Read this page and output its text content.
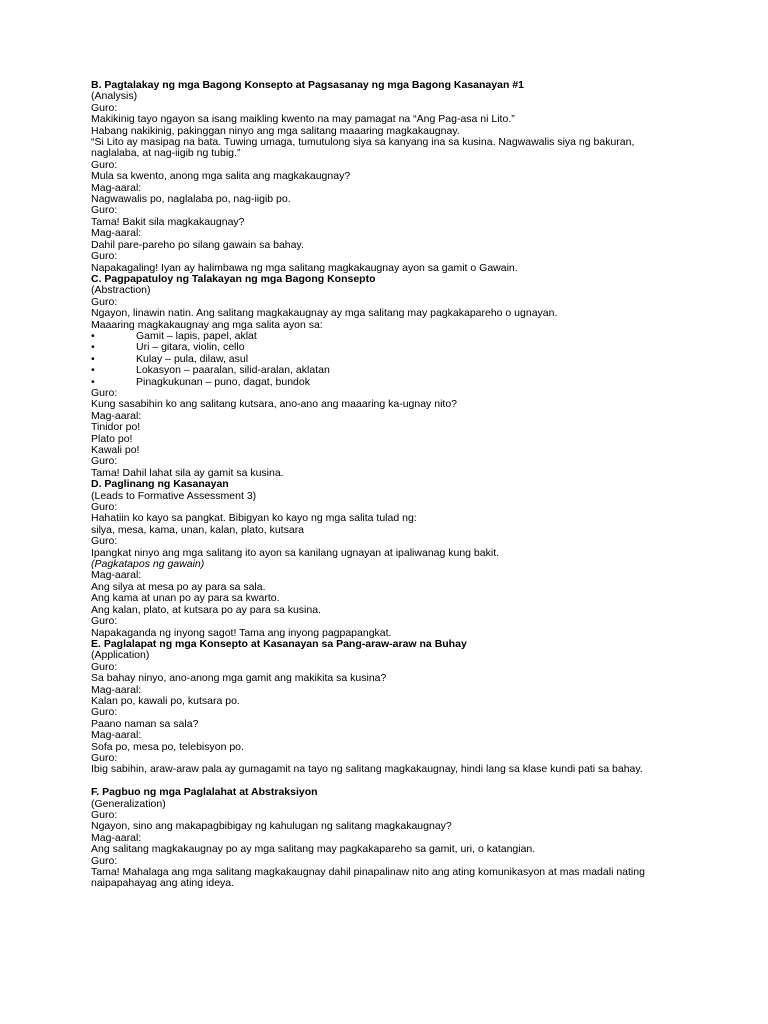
B. Pagtalakay ng mga Bagong Konsepto at Pagsasanay ng mga Bagong Kasanayan #1
(Analysis)
Guro:
Makikinig tayo ngayon sa isang maikling kwento na may pamagat na “Ang Pag-asa ni Lito.”
Habang nakikinig, pakinggan ninyo ang mga salitang maaaring magkakaugnay.
“Si Lito ay masipag na bata. Tuwing umaga, tumutulong siya sa kanyang ina sa kusina. Nagwawalis siya ng bakuran, naglalaba, at nag-iigib ng tubig.”
Guro:
Mula sa kwento, anong mga salita ang magkakaugnay?
Mag-aaral:
Nagwawalis po, naglalaba po, nag-iigib po.
Guro:
Tama! Bakit sila magkakaugnay?
Mag-aaral:
Dahil pare-pareho po silang gawain sa bahay.
Guro:
Napakagaling! Iyan ay halimbawa ng mga salitang magkakaugnay ayon sa gamit o Gawain.
C. Pagpapatuloy ng Talakayan ng mga Bagong Konsepto
(Abstraction)
Guro:
Ngayon, linawin natin. Ang salitang magkakaugnay ay mga salitang may pagkakapareho o ugnayan.
Maaaring magkakaugnay ang mga salita ayon sa:
•	Gamit – lapis, papel, aklat
•	Uri – gitara, violin, cello
•	Kulay – pula, dilaw, asul
•	Lokasyon – paaralan, silid-aralan, aklatan
•	Pinagkukunan – puno, dagat, bundok
Guro:
Kung sasabihin ko ang salitang kutsara, ano-ano ang maaaring ka-ugnay nito?
Mag-aaral:
Tinidor po!
Plato po!
Kawali po!
Guro:
Tama! Dahil lahat sila ay gamit sa kusina.
D. Paglinang ng Kasanayan
(Leads to Formative Assessment 3)
Guro:
Hahatiin ko kayo sa pangkat. Bibigyan ko kayo ng mga salita tulad ng:
silya, mesa, kama, unan, kalan, plato, kutsara
Guro:
Ipangkat ninyo ang mga salitang ito ayon sa kanilang ugnayan at ipaliwanag kung bakit.
(Pagkatapos ng gawain)
Mag-aaral:
Ang silya at mesa po ay para sa sala.
Ang kama at unan po ay para sa kwarto.
Ang kalan, plato, at kutsara po ay para sa kusina.
Guro:
Napakaganda ng inyong sagot! Tama ang inyong pagpapangkat.
E. Paglalapat ng mga Konsepto at Kasanayan sa Pang-araw-araw na Buhay
(Application)
Guro:
Sa bahay ninyo, ano-anong mga gamit ang makikita sa kusina?
Mag-aaral:
Kalan po, kawali po, kutsara po.
Guro:
Paano naman sa sala?
Mag-aaral:
Sofa po, mesa po, telebisyon po.
Guro:
Ibig sabihin, araw-araw pala ay gumagamit na tayo ng salitang magkakaugnay, hindi lang sa klase kundi pati sa bahay.
F. Pagbuo ng mga Paglalahat at Abstraksiyon
(Generalization)
Guro:
Ngayon, sino ang makapagbibigay ng kahulugan ng salitang magkakaugnay?
Mag-aaral:
Ang salitang magkakaugnay po ay mga salitang may pagkakapareho sa gamit, uri, o katangian.
Guro:
Tama! Mahalaga ang mga salitang magkakaugnay dahil pinapalinaw nito ang ating komunikasyon at mas madali nating naipapahayag ang ating ideya.
